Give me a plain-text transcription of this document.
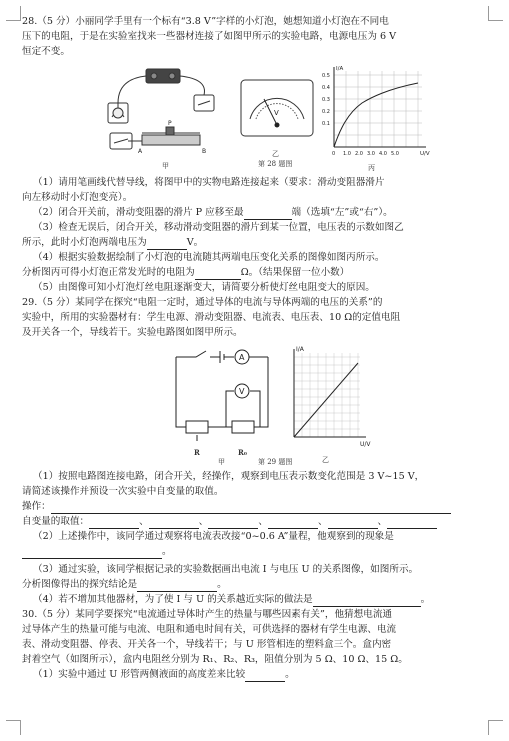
28.（5 分）小丽同学手里有一个标有“3.8 V”字样的小灯泡，她想知道小灯泡在不同电

压下的电阻，于是在实验室找来一些器材连接了如图甲所示的实验电路，电源电压为 6 V

恒定不变。

P
A	B
甲
V
乙
第 28 题图
I/A
U/V
0.5
0.4
0.3
0.2
0.1
0 1.0 2.0 3.0 4.0 5.0
丙

（1）请用笔画线代替导线，将图甲中的实物电路连接起来（要求：滑动变阻器滑片

向左移动时小灯泡变亮）。

（2）闭合开关前，滑动变阻器的滑片 P 应移至最	端（选填“左”或“右”）。

（3）检查无误后，闭合开关，移动滑动变阻器的滑片到某一位置，电压表的示数如图乙

所示，此时小灯泡两端电压为	V。

（4）根据实验数据绘制了小灯泡的电流随其两端电压变化关系的图像如图丙所示。

分析图丙可得小灯泡正常发光时的电阻为	Ω。（结果保留一位小数）

（5）由图像可知小灯泡灯丝电阻逐渐变大，请简要分析使灯丝电阻变大的原因。

29.（5 分）某同学在探究“电阻一定时，通过导体的电流与导体两端的电压的关系”的

实验中，所用的实验器材有：学生电源、滑动变阻器、电流表、电压表、10 Ω的定值电阻

及开关各一个，导线若干。实验电路图如图甲所示。

A
V
R	R₀
甲
I/A
U/V
乙
第 29 题图

（1）按照电路图连接电路，闭合开关，经操作，观察到电压表示数变化范围是 3 V~15 V，

请简述该操作并预设一次实验中自变量的取值。

操作：

自变量的取值：	、	、	、	、	、

（2）上述操作中，该同学通过观察将电流表改接“0~0.6 A”量程，他观察到的现象是

。

（3）通过实验，该同学根据记录的实验数据画出电流 I 与电压 U 的关系图像，如图所示。

分析图像得出的探究结论是	。

（4）若不增加其他器材，为了使 I 与 U 的关系越近实际的做法是	。

30.（5 分）某同学要探究“电流通过导体时产生的热量与哪些因素有关”，他猜想电流通

过导体产生的热量可能与电流、电阻和通电时间有关，可供选择的器材有学生电源、电流

表、滑动变阻器、停表、开关各一个，导线若干；与 U 形管相连的塑料盒三个。盒内密

封着空气（如图所示），盒内电阻丝分别为 R₁、R₂、R₃，阻值分别为 5 Ω、10 Ω、15 Ω。

（1）实验中通过 U 形管两侧液面的高度差来比较	。
